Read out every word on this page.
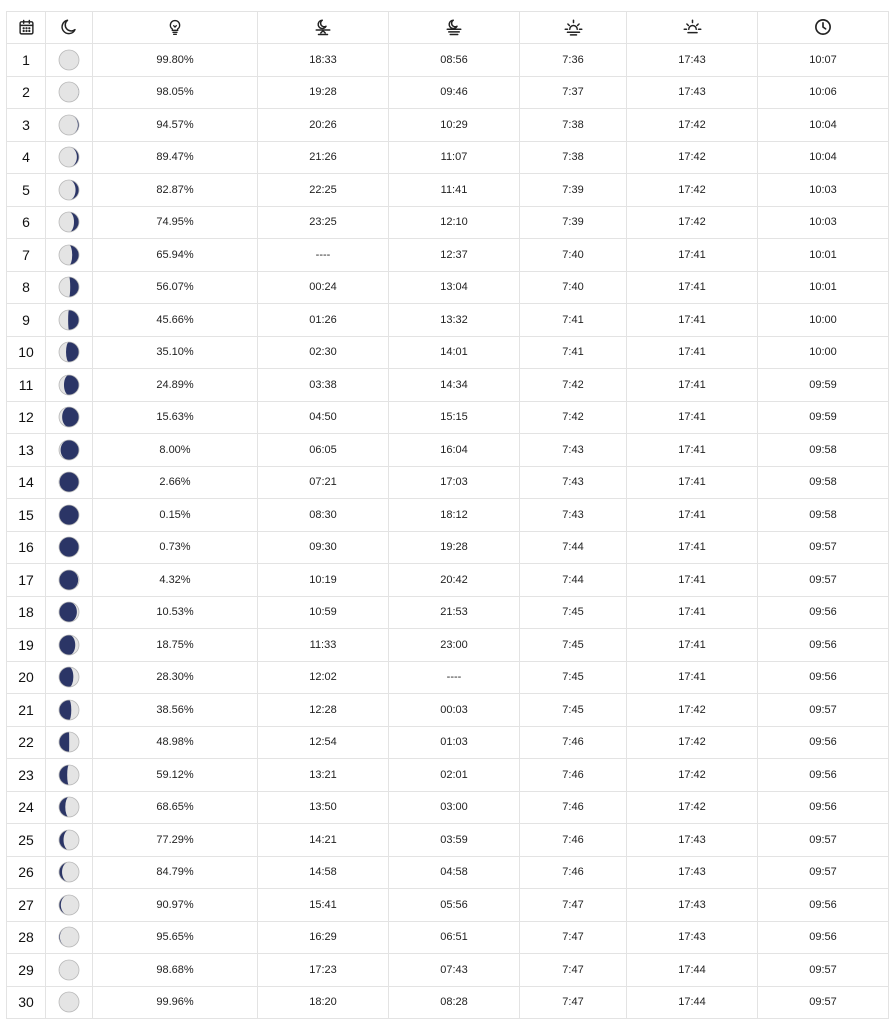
1		99.80%	18:33	08:56	7:36	17:43	10:07
2		98.05%	19:28	09:46	7:37	17:43	10:06
3		94.57%	20:26	10:29	7:38	17:42	10:04
4		89.47%	21:26	11:07	7:38	17:42	10:04
5		82.87%	22:25	11:41	7:39	17:42	10:03
6		74.95%	23:25	12:10	7:39	17:42	10:03
7		65.94%	----	12:37	7:40	17:41	10:01
8		56.07%	00:24	13:04	7:40	17:41	10:01
9		45.66%	01:26	13:32	7:41	17:41	10:00
10		35.10%	02:30	14:01	7:41	17:41	10:00
11		24.89%	03:38	14:34	7:42	17:41	09:59
12		15.63%	04:50	15:15	7:42	17:41	09:59
13		8.00%	06:05	16:04	7:43	17:41	09:58
14		2.66%	07:21	17:03	7:43	17:41	09:58
15		0.15%	08:30	18:12	7:43	17:41	09:58
16		0.73%	09:30	19:28	7:44	17:41	09:57
17		4.32%	10:19	20:42	7:44	17:41	09:57
18		10.53%	10:59	21:53	7:45	17:41	09:56
19		18.75%	11:33	23:00	7:45	17:41	09:56
20		28.30%	12:02	----	7:45	17:41	09:56
21		38.56%	12:28	00:03	7:45	17:42	09:57
22		48.98%	12:54	01:03	7:46	17:42	09:56
23		59.12%	13:21	02:01	7:46	17:42	09:56
24		68.65%	13:50	03:00	7:46	17:42	09:56
25		77.29%	14:21	03:59	7:46	17:43	09:57
26		84.79%	14:58	04:58	7:46	17:43	09:57
27		90.97%	15:41	05:56	7:47	17:43	09:56
28		95.65%	16:29	06:51	7:47	17:43	09:56
29		98.68%	17:23	07:43	7:47	17:44	09:57
30		99.96%	18:20	08:28	7:47	17:44	09:57
